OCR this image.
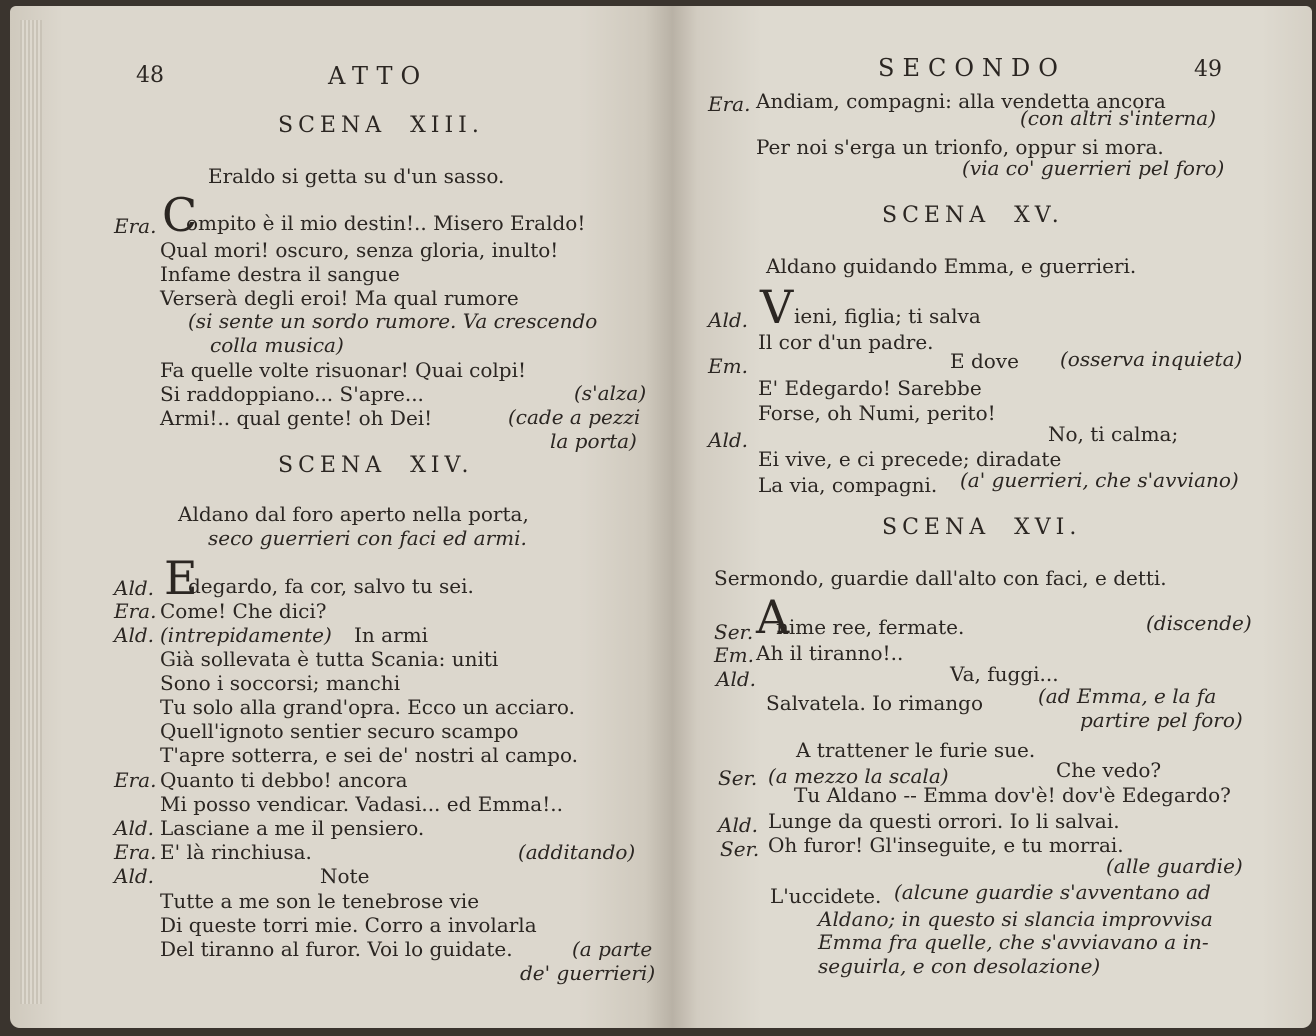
48	ATTO
SCENA  XIII.
Eraldo si getta su d'un sasso.
Era. ompito è il mio destin!.. Misero Eraldo!
Qual mori! oscuro, senza gloria, inulto!
Infame destra il sangue
Verserà degli eroi! Ma qual rumore
(si sente un sordo rumore. Va crescendo
colla musica)
Fa quelle volte risuonar! Quai colpi!
Si raddoppiano... S'apre...	(s'alza)
Armi!.. qual gente! oh Dei!	(cade a pezzi
la porta)
SCENA  XIV.
Aldano dal foro aperto nella porta,
seco guerrieri con faci ed armi.
Ald. degardo, fa cor, salvo tu sei.
Era. Come! Che dici?
Ald. (intrepidamente) In armi
Già sollevata è tutta Scania: uniti
Sono i soccorsi; manchi
Tu solo alla grand'opra. Ecco un acciaro.
Quell'ignoto sentier securo scampo
T'apre sotterra, e sei de' nostri al campo.
Era. Quanto ti debbo! ancora
Mi posso vendicar. Vadasi... ed Emma!..
Ald. Lasciane a me il pensiero.
Era. E' là rinchiusa.	(additando)
Ald.	Note
Tutte a me son le tenebrose vie
Di queste torri mie. Corro a involarla
Del tiranno al furor. Voi lo guidate.	(a parte
de' guerrieri)
C
E
SECONDO	49
Era. Andiam, compagni: alla vendetta ancora
(con altri s'interna)
Per noi s'erga un trionfo, oppur si mora.
(via co' guerrieri pel foro)
SCENA  XV.
Aldano guidando Emma, e guerrieri.
Ald. ieni, figlia; ti salva
Il cor d'un padre.
Em.	E dove (osserva inquieta)
E' Edegardo! Sarebbe
Forse, oh Numi, perito!
Ald.	No, ti calma;
Ei vive, e ci precede; diradate
La via, compagni. (a' guerrieri, che s'avviano)
SCENA  XVI.
Sermondo, guardie dall'alto con faci, e detti.
Ser. nime ree, fermate.	(discende)
Em. Ah il tiranno!..
Ald.	Va, fuggi...
Salvatela. Io rimango	(ad Emma, e la fa
partire pel foro)
A trattener le furie sue.
Ser. (a mezzo la scala)	Che vedo?
Tu Aldano -- Emma dov'è! dov'è Edegardo?
Ald. Lunge da questi orrori. Io li salvai.
Ser. Oh furor! Gl'inseguite, e tu morrai.
(alle guardie)
L'uccidete. (alcune guardie s'avventano ad
Aldano; in questo si slancia improvvisa
Emma fra quelle, che s'avviavano a in-
seguirla, e con desolazione)
V
A
